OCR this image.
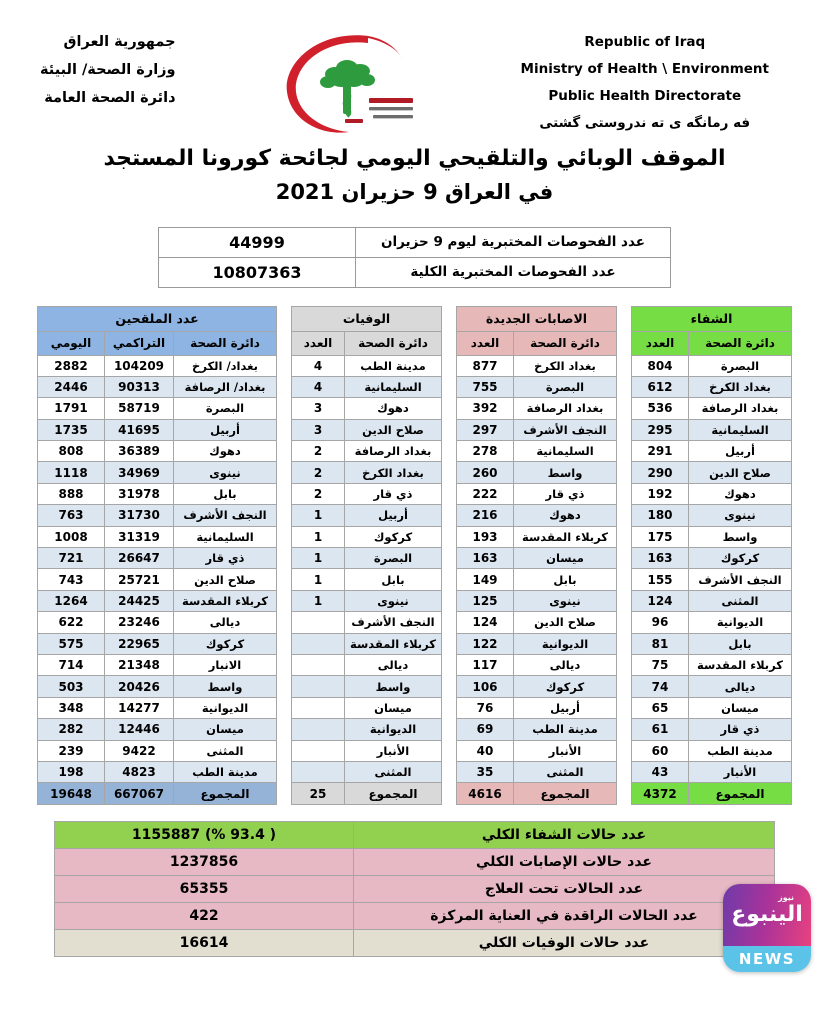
جمهورية العراق
وزارة الصحة/ البيئة
دائرة الصحة العامة
Republic of Iraq
Ministry of Health \ Environment
Public Health Directorate
فه رمانگه ى ته ندروستى گشتى
الموقف الوبائي والتلقيحي اليومي لجائحة كورونا المستجد
في العراق 9 حزيران 2021
عدد الفحوصات المختبرية ليوم 9 حزيران	44999
عدد الفحوصات المختبرية الكلية	10807363
عدد الملقحين		
دائرة الصحة	التراكمي	اليومي
بغداد/ الكرخ	104209	2882
بغداد/ الرصافة	90313	2446
البصرة	58719	1791
أربيل	41695	1735
دهوك	36389	808
نينوى	34969	1118
بابل	31978	888
النجف الأشرف	31730	763
السليمانية	31319	1008
ذي قار	26647	721
صلاح الدين	25721	743
كربلاء المقدسة	24425	1264
ديالى	23246	622
كركوك	22965	575
الانبار	21348	714
واسط	20426	503
الديوانية	14277	348
ميسان	12446	282
المثنى	9422	239
مدينة الطب	4823	198
المجموع	667067	19648
الوفيات	
دائرة الصحة	العدد
مدينة الطب	4
السليمانية	4
دهوك	3
صلاح الدين	3
بغداد الرصافة	2
بغداد الكرخ	2
ذي قار	2
أربيل	1
كركوك	1
البصرة	1
بابل	1
نينوى	1
النجف الأشرف	
كربلاء المقدسة	
ديالى	
واسط	
ميسان	
الديوانية	
الأنبار	
المثنى	
المجموع	25
الاصابات الجديدة	
دائرة الصحة	العدد
بغداد الكرخ	877
البصرة	755
بغداد الرصافة	392
النجف الأشرف	297
السليمانية	278
واسط	260
ذي قار	222
دهوك	216
كربلاء المقدسة	193
ميسان	163
بابل	149
نينوى	125
صلاح الدين	124
الديوانية	122
ديالى	117
كركوك	106
أربيل	76
مدينة الطب	69
الأنبار	40
المثنى	35
المجموع	4616
الشفاء	
دائرة الصحة	العدد
البصرة	804
بغداد الكرخ	612
بغداد الرصافة	536
السليمانية	295
أربيل	291
صلاح الدين	290
دهوك	192
نينوى	180
واسط	175
كركوك	163
النجف الأشرف	155
المثنى	124
الديوانية	96
بابل	81
كربلاء المقدسة	75
ديالى	74
ميسان	65
ذي قار	61
مدينة الطب	60
الأنبار	43
المجموع	4372
عدد حالات الشفاء الكلي	1155887 (% 93.4 )
عدد حالات الإصابات الكلي	1237856
عدد الحالات تحت العلاج	65355
عدد الحالات الراقدة في العناية المركزة	422
عدد حالات الوفيات الكلي	16614
نيوز
الينبوع
NEWS
